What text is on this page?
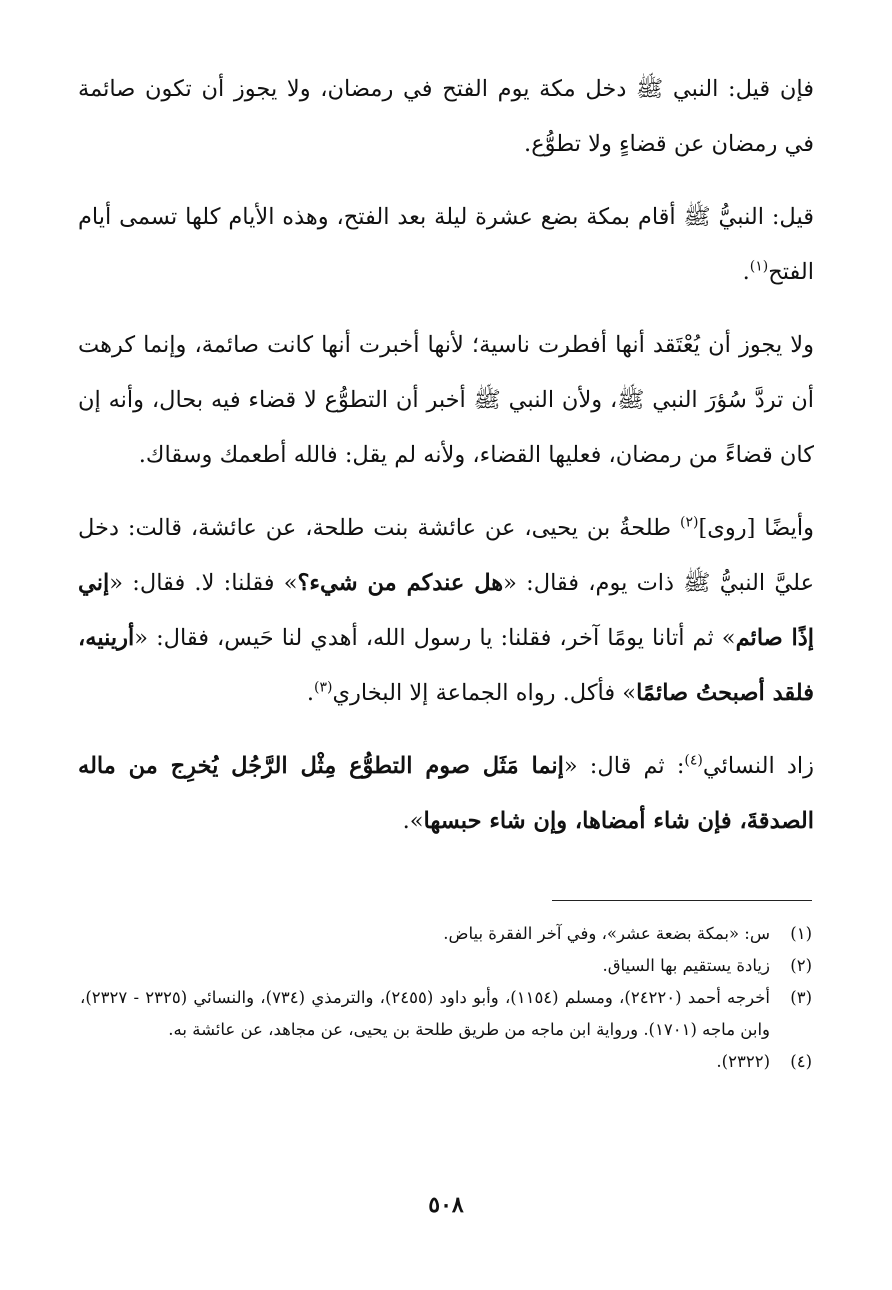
فإن قيل: النبي ﷺ دخل مكة يوم الفتح في رمضان، ولا يجوز أن تكون صائمة في رمضان عن قضاءٍ ولا تطوُّع.

قيل: النبيُّ ﷺ أقام بمكة بضع عشرة ليلة بعد الفتح، وهذه الأيام كلها تسمى أيام الفتح$^{(١)}$.

ولا يجوز أن يُعْتَقد أنها أفطرت ناسية؛ لأنها أخبرت أنها كانت صائمة، وإنما كرهت أن تردَّ سُؤرَ النبي ﷺ، ولأن النبي ﷺ أخبر أن التطوُّع لا قضاء فيه بحال، وأنه إن كان قضاءً من رمضان، فعليها القضاء، ولأنه لم يقل: فالله أطعمك وسقاك.

وأيضًا [روى]$^{(٢)}$ طلحةُ بن يحيى، عن عائشة بنت طلحة، عن عائشة، قالت: دخل عليَّ النبيُّ ﷺ ذات يوم، فقال: «هل عندكم من شيء؟» فقلنا: لا. فقال: «إني إذًا صائم» ثم أتانا يومًا آخر، فقلنا: يا رسول الله، أهدي لنا حَيس، فقال: «أرينيه، فلقد أصبحتُ صائمًا» فأكل. رواه الجماعة إلا البخاري$^{(٣)}$.

زاد النسائي$^{(٤)}$: ثم قال: «إنما مَثَل صوم التطوُّع مِثْل الرَّجُل يُخرِج من ماله الصدقةَ، فإن شاء أمضاها، وإن شاء حبسها».

(١)
س: «بمكة بضعة عشر»، وفي آخر الفقرة بياض.

(٢)
زيادة يستقيم بها السياق.

(٣)
أخرجه أحمد (٢٤٢٢٠)، ومسلم (١١٥٤)، وأبو داود (٢٤٥٥)، والترمذي (٧٣٤)، والنسائي (٢٣٢٥ - ٢٣٢٧)، وابن ماجه (١٧٠١). ورواية ابن ماجه من طريق طلحة بن يحيى، عن مجاهد، عن عائشة به.

(٤)
(٢٣٢٢).

٥٠٨
